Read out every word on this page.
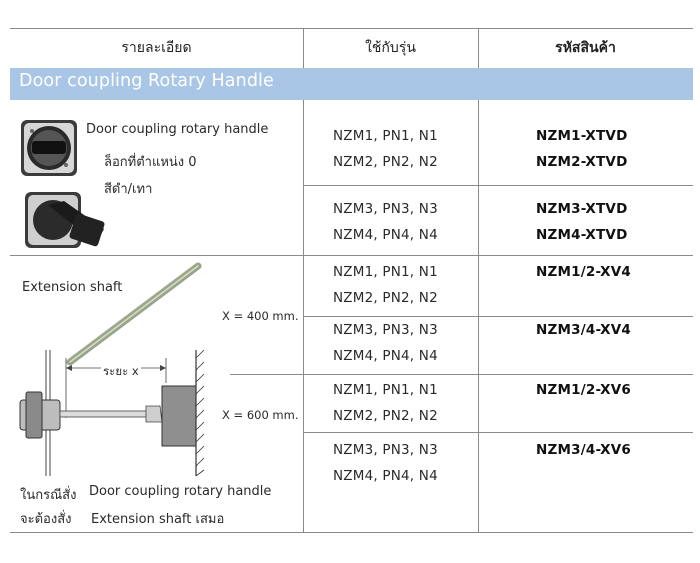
รายละเอียด	ใช้กับรุ่น	รหัสสินค้า
Door coupling Rotary Handle
Door coupling rotary handle
ล็อกที่ตำแหน่ง 0
สีดำ/เทา
NZM1, PN1, N1
NZM2, PN2, N2
NZM1-XTVD
NZM2-XTVD
NZM3, PN3, N3
NZM4, PN4, N4
NZM3-XTVD
NZM4-XTVD
Extension shaft
X = 400 mm.
X = 600 mm.
ระยะ x
ในกรณีสั่ง Door coupling rotary handle
จะต้องสั่ง Extension shaft เสมอ
NZM1, PN1, N1
NZM2, PN2, N2
NZM1/2-XV4
NZM3, PN3, N3
NZM4, PN4, N4
NZM3/4-XV4
NZM1, PN1, N1
NZM2, PN2, N2
NZM1/2-XV6
NZM3, PN3, N3
NZM4, PN4, N4
NZM3/4-XV6
